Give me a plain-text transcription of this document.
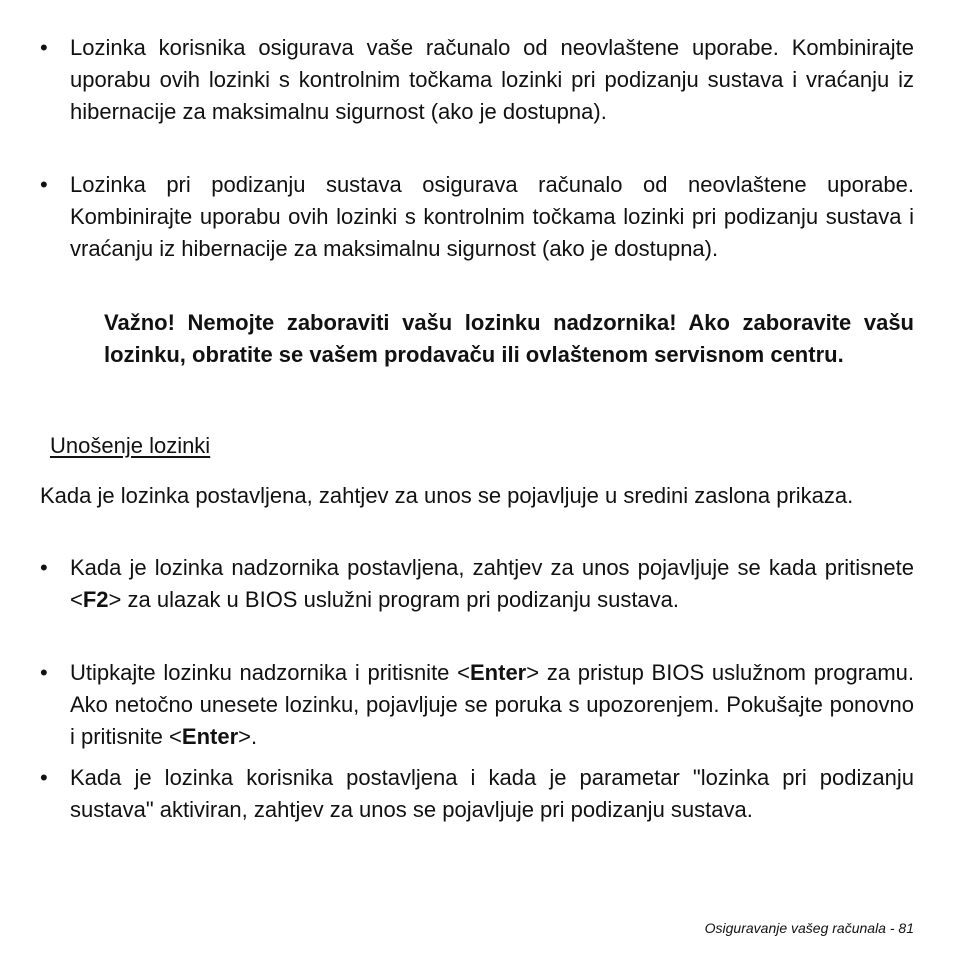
• Lozinka korisnika osigurava vaše računalo od neovlaštene uporabe. Kombinirajte uporabu ovih lozinki s kontrolnim točkama lozinki pri podizanju sustava i vraćanju iz hibernacije za maksimalnu sigurnost (ako je dostupna).
• Lozinka pri podizanju sustava osigurava računalo od neovlaštene uporabe. Kombinirajte uporabu ovih lozinki s kontrolnim točkama lozinki pri podizanju sustava i vraćanju iz hibernacije za maksimalnu sigurnost (ako je dostupna).
Važno! Nemojte zaboraviti vašu lozinku nadzornika! Ako zaboravite vašu lozinku, obratite se vašem prodavaču ili ovlaštenom servisnom centru.
Unošenje lozinki
Kada je lozinka postavljena, zahtjev za unos se pojavljuje u sredini zaslona prikaza.
• Kada je lozinka nadzornika postavljena, zahtjev za unos pojavljuje se kada pritisnete <F2> za ulazak u BIOS uslužni program pri podizanju sustava.
• Utipkajte lozinku nadzornika i pritisnite <Enter> za pristup BIOS uslužnom programu. Ako netočno unesete lozinku, pojavljuje se poruka s upozorenjem. Pokušajte ponovno i pritisnite <Enter>.
• Kada je lozinka korisnika postavljena i kada je parametar "lozinka pri podizanju sustava" aktiviran, zahtjev za unos se pojavljuje pri podizanju sustava.
Osiguravanje vašeg računala - 81
